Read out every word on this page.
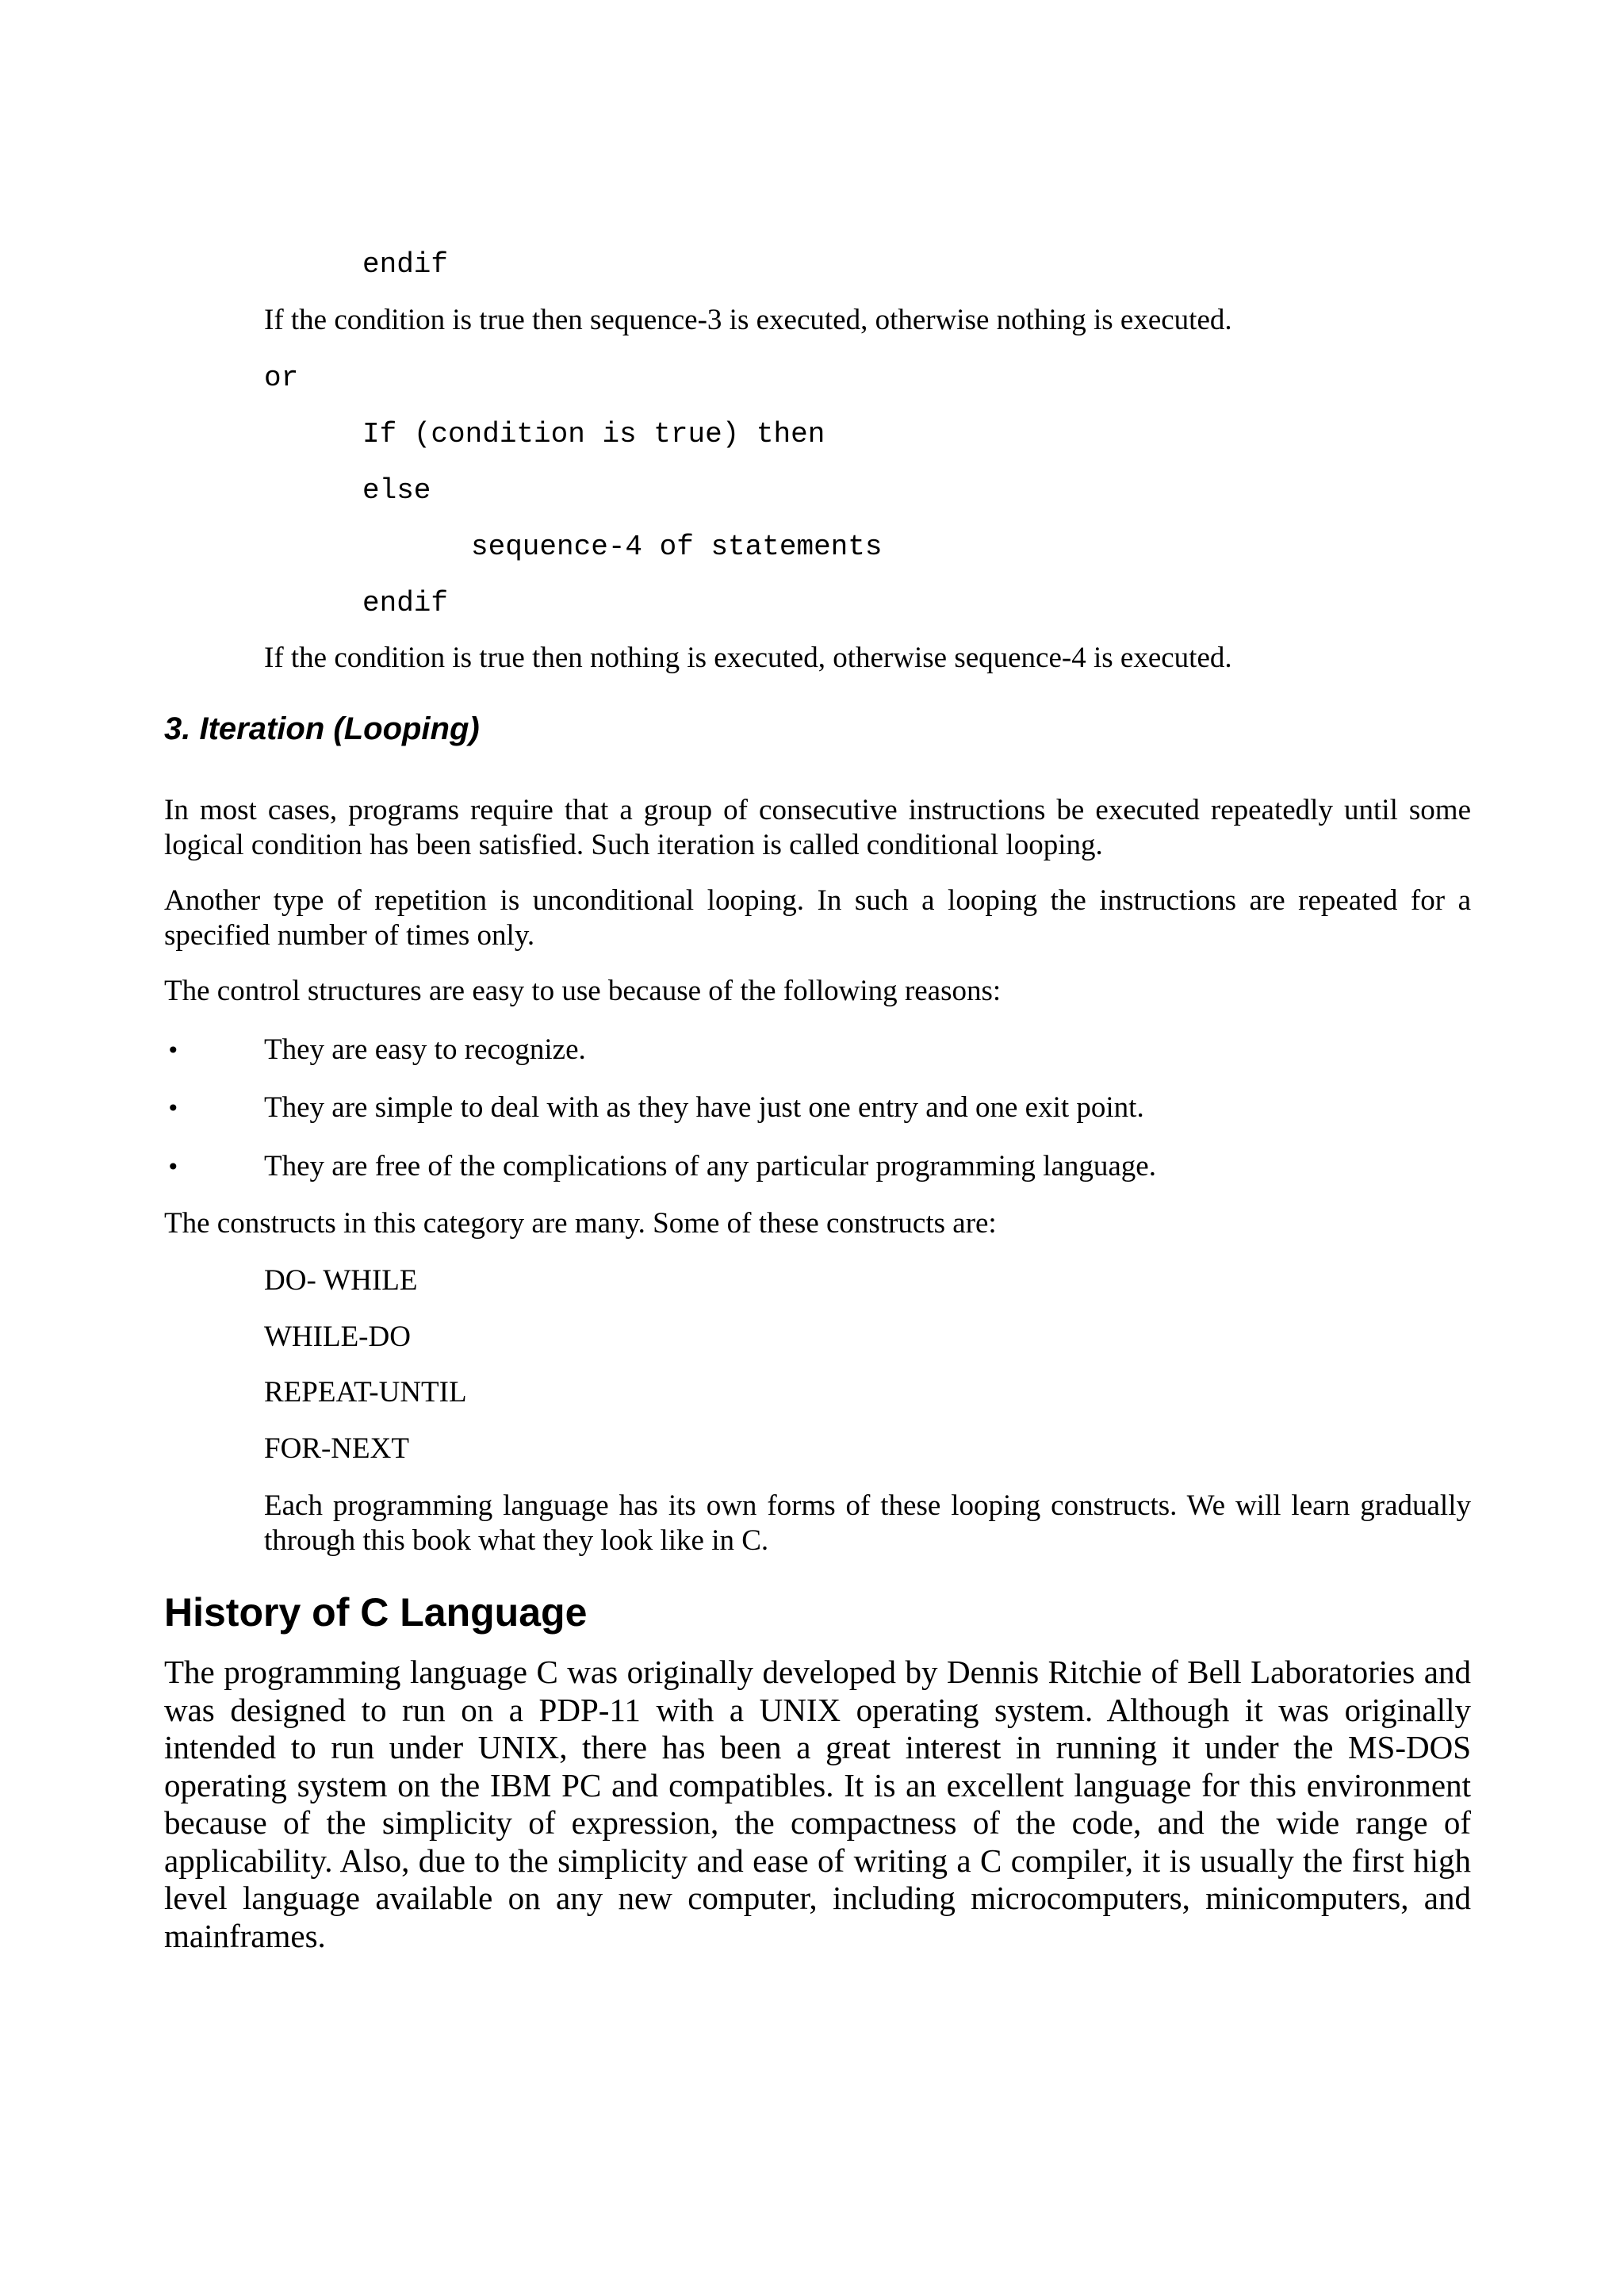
endif

If the condition is true then sequence-3 is executed, otherwise nothing is executed.

or

If (condition is true) then

else

sequence-4 of statements

endif

If the condition is true then nothing is executed, otherwise sequence-4 is executed.

3. Iteration (Looping)

In most cases, programs require that a group of consecutive instructions be executed repeatedly until some logical condition has been satisfied. Such iteration is called conditional looping.

Another type of repetition is unconditional looping. In such a looping the instructions are repeated for a specified number of times only.

The control structures are easy to use because of the following reasons:

•	They are easy to recognize.

•	They are simple to deal with as they have just one entry and one exit point.

•	They are free of the complications of any particular programming language.

The constructs in this category are many. Some of these constructs are:

DO- WHILE

WHILE-DO

REPEAT-UNTIL

FOR-NEXT

Each programming language has its own forms of these looping constructs. We will learn gradually through this book what they look like in C.

History of C Language

The programming language C was originally developed by Dennis Ritchie of Bell Laboratories and was designed to run on a PDP-11 with a UNIX operating system. Although it was originally intended to run under UNIX, there has been a great interest in running it under the MS-DOS operating system on the IBM PC and compatibles. It is an excellent language for this environment because of the simplicity of expression, the compactness of the code, and the wide range of applicability. Also, due to the simplicity and ease of writing a C compiler, it is usually the first high level language available on any new computer, including microcomputers, minicomputers, and mainframes.
